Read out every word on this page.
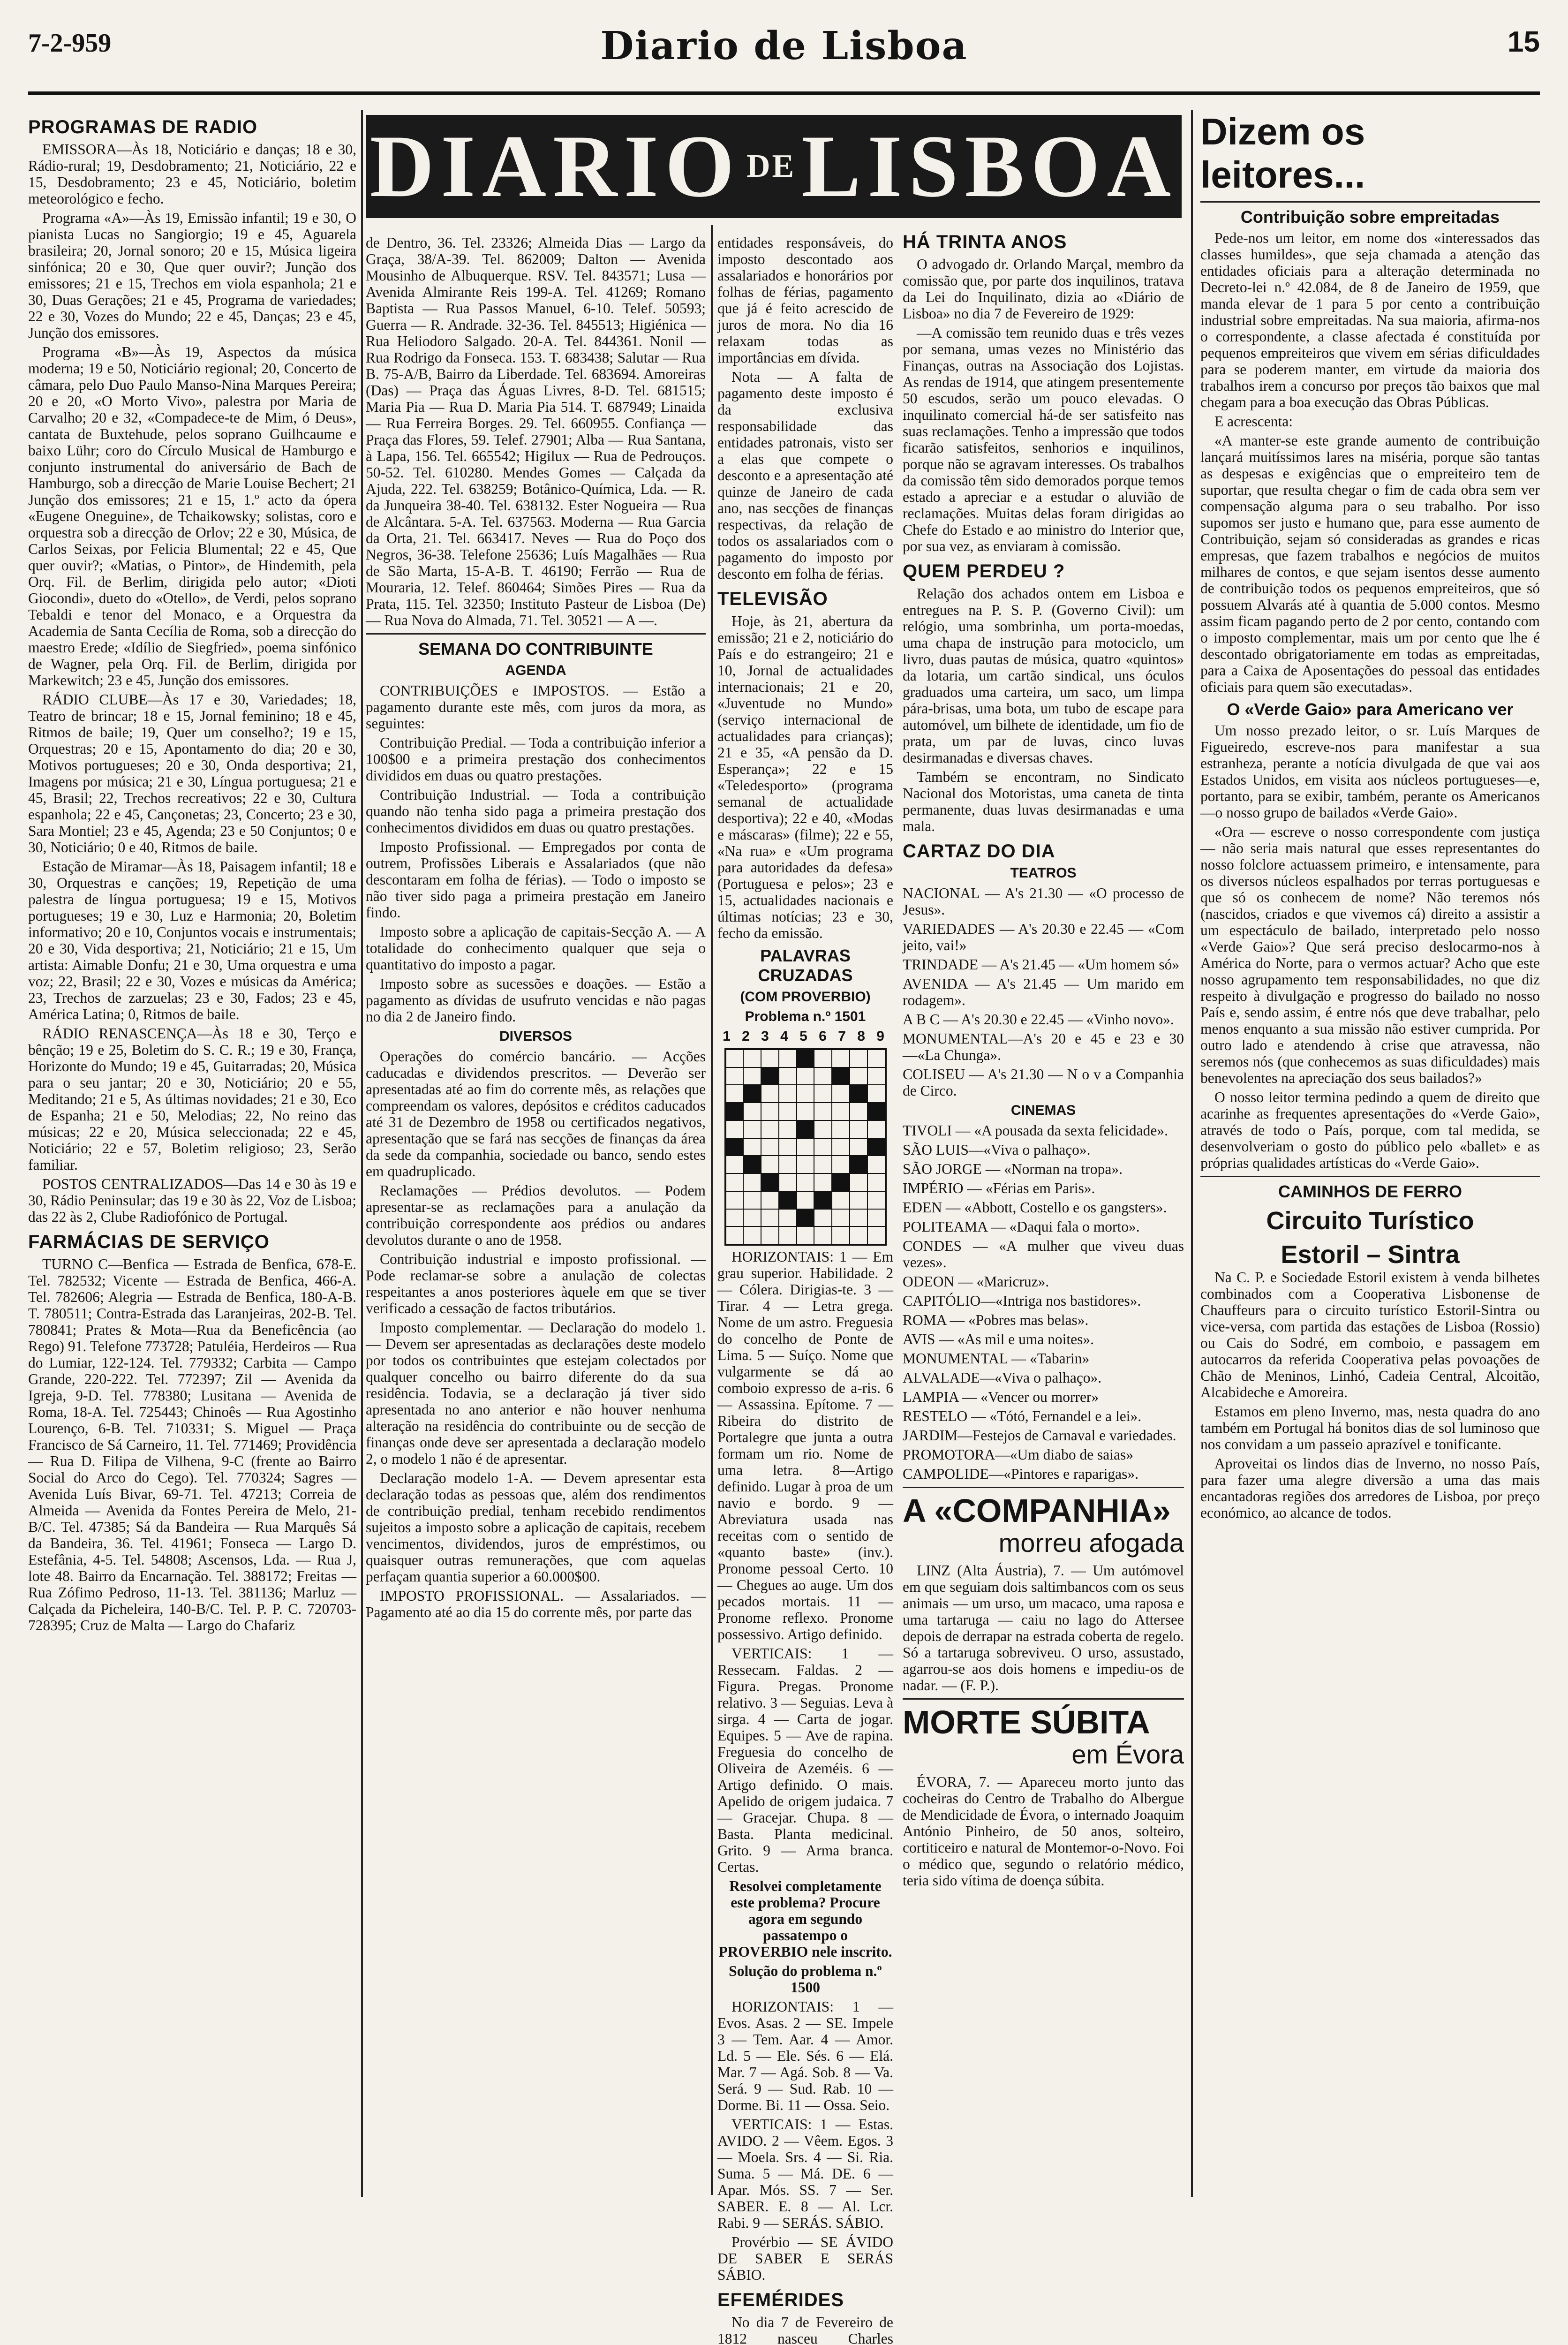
7-2-959	Diario de Lisboa	15
DIARIO DE LISBOA
PROGRAMAS DE RADIO

EMISSORA—Às 18, Noticiário e danças; 18 e 30, Rádio-rural; 19, Desdobramento; 21, Noticiário, 22 e 15, Desdobramento; 23 e 45, Noticiário, boletim meteorológico e fecho.

Programa «A»—Às 19, Emissão infantil; 19 e 30, O pianista Lucas no Sangiorgio; 19 e 45, Aguarela brasileira; 20, Jornal sonoro; 20 e 15, Música ligeira sinfónica; 20 e 30, Que quer ouvir?; Junção dos emissores; 21 e 15, Trechos em viola espanhola; 21 e 30, Duas Gerações; 21 e 45, Programa de variedades; 22 e 30, Vozes do Mundo; 22 e 45, Danças; 23 e 45, Junção dos emissores.

Programa «B»—Às 19, Aspectos da música moderna; 19 e 50, Noticiário regional; 20, Concerto de câmara, pelo Duo Paulo Manso-Nina Marques Pereira; 20 e 20, «O Morto Vivo», palestra por Maria de Carvalho; 20 e 32, «Compadece-te de Mim, ó Deus», cantata de Buxtehude, pelos soprano Guilhcaume e baixo Lühr; coro do Círculo Musical de Hamburgo e conjunto instrumental do aniversário de Bach de Hamburgo, sob a direcção de Marie Louise Bechert; 21 Junção dos emissores; 21 e 15, 1.º acto da ópera «Eugene Oneguine», de Tchaikowsky; solistas, coro e orquestra sob a direcção de Orlov; 22 e 30, Música, de Carlos Seixas, por Felicia Blumental; 22 e 45, Que quer ouvir?; «Matias, o Pintor», de Hindemith, pela Orq. Fil. de Berlim, dirigida pelo autor; «Dioti Giocondi», dueto do «Otello», de Verdi, pelos soprano Tebaldi e tenor del Monaco, e a Orquestra da Academia de Santa Cecília de Roma, sob a direcção do maestro Erede; «Idílio de Siegfried», poema sinfónico de Wagner, pela Orq. Fil. de Berlim, dirigida por Markewitch; 23 e 45, Junção dos emissores.

RÁDIO CLUBE—Às 17 e 30, Variedades; 18, Teatro de brincar; 18 e 15, Jornal feminino; 18 e 45, Ritmos de baile; 19, Quer um conselho?; 19 e 15, Orquestras; 20 e 15, Apontamento do dia; 20 e 30, Motivos portugueses; 20 e 30, Onda desportiva; 21, Imagens por música; 21 e 30, Língua portuguesa; 21 e 45, Brasil; 22, Trechos recreativos; 22 e 30, Cultura espanhola; 22 e 45, Cançonetas; 23, Concerto; 23 e 30, Sara Montiel; 23 e 45, Agenda; 23 e 50 Conjuntos; 0 e 30, Noticiário; 0 e 40, Ritmos de baile.

Estação de Miramar—Às 18, Paisagem infantil; 18 e 30, Orquestras e canções; 19, Repetição de uma palestra de língua portuguesa; 19 e 15, Motivos portugueses; 19 e 30, Luz e Harmonia; 20, Boletim informativo; 20 e 10, Conjuntos vocais e instrumentais; 20 e 30, Vida desportiva; 21, Noticiário; 21 e 15, Um artista: Aimable Donfu; 21 e 30, Uma orquestra e uma voz; 22, Brasil; 22 e 30, Vozes e músicas da América; 23, Trechos de zarzuelas; 23 e 30, Fados; 23 e 45, América Latina; 0, Ritmos de baile.

RÁDIO RENASCENÇA—Às 18 e 30, Terço e bênção; 19 e 25, Boletim do S. C. R.; 19 e 30, França, Horizonte do Mundo; 19 e 45, Guitarradas; 20, Música para o seu jantar; 20 e 30, Noticiário; 20 e 55, Meditando; 21 e 5, As últimas novidades; 21 e 30, Eco de Espanha; 21 e 50, Melodias; 22, No reino das músicas; 22 e 20, Música seleccionada; 22 e 45, Noticiário; 22 e 57, Boletim religioso; 23, Serão familiar.

POSTOS CENTRALIZADOS—Das 14 e 30 às 19 e 30, Rádio Peninsular; das 19 e 30 às 22, Voz de Lisboa; das 22 às 2, Clube Radiofónico de Portugal.

FARMÁCIAS DE SERVIÇO

TURNO C—Benfica — Estrada de Benfica, 678-E. Tel. 782532; Vicente — Estrada de Benfica, 466-A. Tel. 782606; Alegria — Estrada de Benfica, 180-A-B. T. 780511; Contra-Estrada das Laranjeiras, 202-B. Tel. 780841; Prates & Mota—Rua da Beneficência (ao Rego) 91. Telefone 773728; Patuléia, Herdeiros — Rua do Lumiar, 122-124. Tel. 779332; Carbita — Campo Grande, 220-222. Tel. 772397; Zil — Avenida da Igreja, 9-D. Tel. 778380; Lusitana — Avenida de Roma, 18-A. Tel. 725443; Chinoês — Rua Agostinho Lourenço, 6-B. Tel. 710331; S. Miguel — Praça Francisco de Sá Carneiro, 11. Tel. 771469; Providência — Rua D. Filipa de Vilhena, 9-C (frente ao Bairro Social do Arco do Cego). Tel. 770324; Sagres — Avenida Luís Bivar, 69-71. Tel. 47213; Correia de Almeida — Avenida da Fontes Pereira de Melo, 21-B/C. Tel. 47385; Sá da Bandeira — Rua Marquês Sá da Bandeira, 36. Tel. 41961; Fonseca — Largo D. Estefânia, 4-5. Tel. 54808; Ascensos, Lda. — Rua J, lote 48. Bairro da Encarnação. Tel. 388172; Freitas — Rua Zófimo Pedroso, 11-13. Tel. 381136; Marluz — Calçada da Picheleira, 140-B/C. Tel. P. P. C. 720703-728395; Cruz de Malta — Largo do Chafariz

de Dentro, 36. Tel. 23326; Almeida Dias — Largo da Graça, 38/A-39. Tel. 862009; Dalton — Avenida Mousinho de Albuquerque. RSV. Tel. 843571; Lusa — Avenida Almirante Reis 199-A. Tel. 41269; Romano Baptista — Rua Passos Manuel, 6-10. Telef. 50593; Guerra — R. Andrade. 32-36. Tel. 845513; Higiénica — Rua Heliodoro Salgado. 20-A. Tel. 844361. Nonil — Rua Rodrigo da Fonseca. 153. T. 683438; Salutar — Rua B. 75-A/B, Bairro da Liberdade. Tel. 683694. Amoreiras (Das) — Praça das Águas Livres, 8-D. Tel. 681515; Maria Pia — Rua D. Maria Pia 514. T. 687949; Linaida — Rua Ferreira Borges. 29. Tel. 660955. Confiança — Praça das Flores, 59. Telef. 27901; Alba — Rua Santana, à Lapa, 156. Tel. 665542; Higilux — Rua de Pedrouços. 50-52. Tel. 610280. Mendes Gomes — Calçada da Ajuda, 222. Tel. 638259; Botânico-Química, Lda. — R. da Junqueira 38-40. Tel. 638132. Ester Nogueira — Rua de Alcântara. 5-A. Tel. 637563. Moderna — Rua Garcia da Orta, 21. Tel. 663417. Neves — Rua do Poço dos Negros, 36-38. Telefone 25636; Luís Magalhães — Rua de São Marta, 15-A-B. T. 46190; Ferrão — Rua de Mouraria, 12. Telef. 860464; Simões Pires — Rua da Prata, 115. Tel. 32350; Instituto Pasteur de Lisboa (De) — Rua Nova do Almada, 71. Tel. 30521 — A —.

SEMANA DO CONTRIBUINTE
AGENDA

CONTRIBUIÇÕES e IMPOSTOS. — Estão a pagamento durante este mês, com juros da mora, as seguintes:

Contribuição Predial. — Toda a contribuição inferior a 100$00 e a primeira prestação dos conhecimentos divididos em duas ou quatro prestações.

Contribuição Industrial. — Toda a contribuição quando não tenha sido paga a primeira prestação dos conhecimentos divididos em duas ou quatro prestações.

Imposto Profissional. — Empregados por conta de outrem, Profissões Liberais e Assalariados (que não descontaram em folha de férias). — Todo o imposto se não tiver sido paga a primeira prestação em Janeiro findo.

Imposto sobre a aplicação de capitais-Secção A. — A totalidade do conhecimento qualquer que seja o quantitativo do imposto a pagar.

Imposto sobre as sucessões e doações. — Estão a pagamento as dívidas de usufruto vencidas e não pagas no dia 2 de Janeiro findo.

DIVERSOS

Operações do comércio bancário. — Acções caducadas e dividendos prescritos. — Deverão ser apresentadas até ao fim do corrente mês, as relações que compreendam os valores, depósitos e créditos caducados até 31 de Dezembro de 1958 ou certificados negativos, apresentação que se fará nas secções de finanças da área da sede da companhia, sociedade ou banco, sendo estes em quadruplicado.

Reclamações — Prédios devolutos. — Podem apresentar-se as reclamações para a anulação da contribuição correspondente aos prédios ou andares devolutos durante o ano de 1958.

Contribuição industrial e imposto profissional. — Pode reclamar-se sobre a anulação de colectas respeitantes a anos posteriores àquele em que se tiver verificado a cessação de factos tributários.

Imposto complementar. — Declaração do modelo 1. — Devem ser apresentadas as declarações deste modelo por todos os contribuintes que estejam colectados por qualquer concelho ou bairro diferente do da sua residência. Todavia, se a declaração já tiver sido apresentada no ano anterior e não houver nenhuma alteração na residência do contribuinte ou de secção de finanças onde deve ser apresentada a declaração modelo 2, o modelo 1 não é de apresentar.

Declaração modelo 1-A. — Devem apresentar esta declaração todas as pessoas que, além dos rendimentos de contribuição predial, tenham recebido rendimentos sujeitos a imposto sobre a aplicação de capitais, recebem vencimentos, dividendos, juros de empréstimos, ou quaisquer outras remunerações, que com aquelas perfaçam quantia superior a 60.000$00.

IMPOSTO PROFISSIONAL. — Assalariados. — Pagamento até ao dia 15 do corrente mês, por parte das

entidades responsáveis, do imposto descontado aos assalariados e honorários por folhas de férias, pagamento que já é feito acrescido de juros de mora. No dia 16 relaxam todas as importâncias em dívida.

Nota — A falta de pagamento deste imposto é da exclusiva responsabilidade das entidades patronais, visto ser a elas que compete o desconto e a apresentação até quinze de Janeiro de cada ano, nas secções de finanças respectivas, da relação de todos os assalariados com o pagamento do imposto por desconto em folha de férias.

TELEVISÃO

Hoje, às 21, abertura da emissão; 21 e 2, noticiário do País e do estrangeiro; 21 e 10, Jornal de actualidades internacionais; 21 e 20, «Juventude no Mundo» (serviço internacional de actualidades para crianças); 21 e 35, «A pensão da D. Esperança»; 22 e 15 «Teledesporto» (programa semanal de actualidade desportiva); 22 e 40, «Modas e máscaras» (filme); 22 e 55, «Na rua» e «Um programa para autoridades da defesa» (Portuguesa e pelos»; 23 e 15, actualidades nacionais e últimas notícias; 23 e 30, fecho da emissão.

PALAVRAS CRUZADAS
(COM PROVERBIO)
Problema n.º 1501
1 2 3 4 5 6 7 8 9

HORIZONTAIS: 1 — Em grau superior. Habilidade. 2 — Cólera. Dirigias-te. 3 — Tirar. 4 — Letra grega. Nome de um astro. Freguesia do concelho de Ponte de Lima. 5 — Suíço. Nome que vulgarmente se dá ao comboio expresso de a-ris. 6 — Assassina. Epítome. 7 — Ribeira do distrito de Portalegre que junta a outra formam um rio. Nome de uma letra. 8—Artigo definido. Lugar à proa de um navio e bordo. 9 — Abreviatura usada nas receitas com o sentido de «quanto baste» (inv.). Pronome pessoal Certo. 10 — Chegues ao auge. Um dos pecados mortais. 11 — Pronome reflexo. Pronome possessivo. Artigo definido.

VERTICAIS: 1 — Ressecam. Faldas. 2 — Figura. Pregas. Pronome relativo. 3 — Seguias. Leva à sirga. 4 — Carta de jogar. Equipes. 5 — Ave de rapina. Freguesia do concelho de Oliveira de Azeméis. 6 — Artigo definido. O mais. Apelido de origem judaica. 7 — Gracejar. Chupa. 8 — Basta. Planta medicinal. Grito. 9 — Arma branca. Certas.

Resolvei completamente este problema? Procure agora em segundo passatempo o PROVERBIO nele inscrito.

Solução do problema n.º 1500

HORIZONTAIS: 1 — Evos. Asas. 2 — SE. Impele 3 — Tem. Aar. 4 — Amor. Ld. 5 — Ele. Sés. 6 — Elá. Mar. 7 — Agá. Sob. 8 — Va. Será. 9 — Sud. Rab. 10 — Dorme. Bi. 11 — Ossa. Seio.

VERTICAIS: 1 — Estas. AVIDO. 2 — Vêem. Egos. 3 — Moela. Srs. 4 — Si. Ria. Suma. 5 — Má. DE. 6 — Apar. Mós. SS. 7 — Ser. SABER. E. 8 — Al. Lcr. Rabi. 9 — SERÁS. SÁBIO.

Provérbio — SE ÁVIDO DE SABER E SERÁS SÁBIO.

EFEMÉRIDES

No dia 7 de Fevereiro de 1812 nasceu Charles

HÁ TRINTA ANOS

O advogado dr. Orlando Marçal, membro da comissão que, por parte dos inquilinos, tratava da Lei do Inquilinato, dizia ao «Diário de Lisboa» no dia 7 de Fevereiro de 1929:

—A comissão tem reunido duas e três vezes por semana, umas vezes no Ministério das Finanças, outras na Associação dos Lojistas. As rendas de 1914, que atingem presentemente 50 escudos, serão um pouco elevadas. O inquilinato comercial há-de ser satisfeito nas suas reclamações. Tenho a impressão que todos ficarão satisfeitos, senhorios e inquilinos, porque não se agravam interesses. Os trabalhos da comissão têm sido demorados porque temos estado a apreciar e a estudar o aluvião de reclamações. Muitas delas foram dirigidas ao Chefe do Estado e ao ministro do Interior que, por sua vez, as enviaram à comissão.

QUEM PERDEU ?

Relação dos achados ontem em Lisboa e entregues na P. S. P. (Governo Civil): um relógio, uma sombrinha, um porta-moedas, uma chapa de instrução para motociclo, um livro, duas pautas de música, quatro «quintos» da lotaria, um cartão sindical, uns óculos graduados uma carteira, um saco, um limpa pára-brisas, uma bota, um tubo de escape para automóvel, um bilhete de identidade, um fio de prata, um par de luvas, cinco luvas desirmanadas e diversas chaves.

Também se encontram, no Sindicato Nacional dos Motoristas, uma caneta de tinta permanente, duas luvas desirmanadas e uma mala.

CARTAZ DO DIA
TEATROS

NACIONAL — A's 21.30 — «O processo de Jesus».

VARIEDADES — A's 20.30 e 22.45 — «Com jeito, vai!»

TRINDADE — A's 21.45 — «Um homem só»

AVENIDA — A's 21.45 — Um marido em rodagem».

A B C — A's 20.30 e 22.45 — «Vinho novo».

MONUMENTAL—A's 20 e 45 e 23 e 30—«La Chunga».

COLISEU — A's 21.30 — N o v a Companhia de Circo.

CINEMAS

TIVOLI — «A pousada da sexta felicidade».

SÃO LUIS—«Viva o palhaço».

SÃO JORGE — «Norman na tropa».

IMPÉRIO — «Férias em Paris».

EDEN — «Abbott, Costello e os gangsters».

POLITEAMA — «Daqui fala o morto».

CONDES — «A mulher que viveu duas vezes».

ODEON — «Maricruz».

CAPITÓLIO—«Intriga nos bastidores».

ROMA — «Pobres mas belas».

AVIS — «As mil e uma noites».

MONUMENTAL — «Tabarin»

ALVALADE—«Viva o palhaço».

LAMPIA — «Vencer ou morrer»

RESTELO — «Tótó, Fernandel e a lei».

JARDIM—Festejos de Carnaval e variedades.

PROMOTORA—«Um diabo de saias»

CAMPOLIDE—«Pintores e raparigas».

A «COMPANHIA»
morreu afogada

LINZ (Alta Áustria), 7. — Um autómovel em que seguiam dois saltimbancos com os seus animais — um urso, um macaco, uma raposa e uma tartaruga — caiu no lago do Attersee depois de derrapar na estrada coberta de regelo. Só a tartaruga sobreviveu. O urso, assustado, agarrou-se aos dois homens e impediu-os de nadar. — (F. P.).

MORTE SÚBITA
em Évora

ÉVORA, 7. — Apareceu morto junto das cocheiras do Centro de Trabalho do Albergue de Mendicidade de Évora, o internado Joaquim António Pinheiro, de 50 anos, solteiro, cortiticeiro e natural de Montemor-o-Novo. Foi o médico que, segundo o relatório médico, teria sido vítima de doença súbita.

Dizem os leitores...
Contribuição sobre empreitadas

Pede-nos um leitor, em nome dos «interessados das classes humildes», que seja chamada a atenção das entidades oficiais para a alteração determinada no Decreto-lei n.º 42.084, de 8 de Janeiro de 1959, que manda elevar de 1 para 5 por cento a contribuição industrial sobre empreitadas. Na sua maioria, afirma-nos o correspondente, a classe afectada é constituída por pequenos empreiteiros que vivem em sérias dificuldades para se poderem manter, em virtude da maioria dos trabalhos irem a concurso por preços tão baixos que mal chegam para a boa execução das Obras Públicas.

E acrescenta:

«A manter-se este grande aumento de contribuição lançará muitíssimos lares na miséria, porque são tantas as despesas e exigências que o empreiteiro tem de suportar, que resulta chegar o fim de cada obra sem ver compensação alguma para o seu trabalho. Por isso supomos ser justo e humano que, para esse aumento de Contribuição, sejam só consideradas as grandes e ricas empresas, que fazem trabalhos e negócios de muitos milhares de contos, e que sejam isentos desse aumento de contribuição todos os pequenos empreiteiros, que só possuem Alvarás até à quantia de 5.000 contos. Mesmo assim ficam pagando perto de 2 por cento, contando com o imposto complementar, mais um por cento que lhe é descontado obrigatoriamente em todas as empreitadas, para a Caixa de Aposentações do pessoal das entidades oficiais para quem são executadas».

O «Verde Gaio» para Americano ver

Um nosso prezado leitor, o sr. Luís Marques de Figueiredo, escreve-nos para manifestar a sua estranheza, perante a notícia divulgada de que vai aos Estados Unidos, em visita aos núcleos portugueses—e, portanto, para se exibir, também, perante os Americanos—o nosso grupo de bailados «Verde Gaio».

«Ora — escreve o nosso correspondente com justiça — não seria mais natural que esses representantes do nosso folclore actuassem primeiro, e intensamente, para os diversos núcleos espalhados por terras portuguesas e que só os conhecem de nome? Não teremos nós (nascidos, criados e que vivemos cá) direito a assistir a um espectáculo de bailado, interpretado pelo nosso «Verde Gaio»? Que será preciso deslocarmo-nos à América do Norte, para o vermos actuar? Acho que este nosso agrupamento tem responsabilidades, no que diz respeito à divulgação e progresso do bailado no nosso País e, sendo assim, é entre nós que deve trabalhar, pelo menos enquanto a sua missão não estiver cumprida. Por outro lado e atendendo à crise que atravessa, não seremos nós (que conhecemos as suas dificuldades) mais benevolentes na apreciação dos seus bailados?»

O nosso leitor termina pedindo a quem de direito que acarinhe as frequentes apresentações do «Verde Gaio», através de todo o País, porque, com tal medida, se desenvolveriam o gosto do público pelo «ballet» e as próprias qualidades artísticas do «Verde Gaio».

CAMINHOS DE FERRO
Circuito Turístico
Estoril – Sintra

Na C. P. e Sociedade Estoril existem à venda bilhetes combinados com a Cooperativa Lisbonense de Chauffeurs para o circuito turístico Estoril-Sintra ou vice-versa, com partida das estações de Lisboa (Rossio) ou Cais do Sodré, em comboio, e passagem em autocarros da referida Cooperativa pelas povoações de Chão de Meninos, Linhó, Cadeia Central, Alcoitão, Alcabideche e Amoreira.

Estamos em pleno Inverno, mas, nesta quadra do ano também em Portugal há bonitos dias de sol luminoso que nos convidam a um passeio aprazível e tonificante.

Aproveitai os lindos dias de Inverno, no nosso País, para fazer uma alegre diversão a uma das mais encantadoras regiões dos arredores de Lisboa, por preço económico, ao alcance de todos.
